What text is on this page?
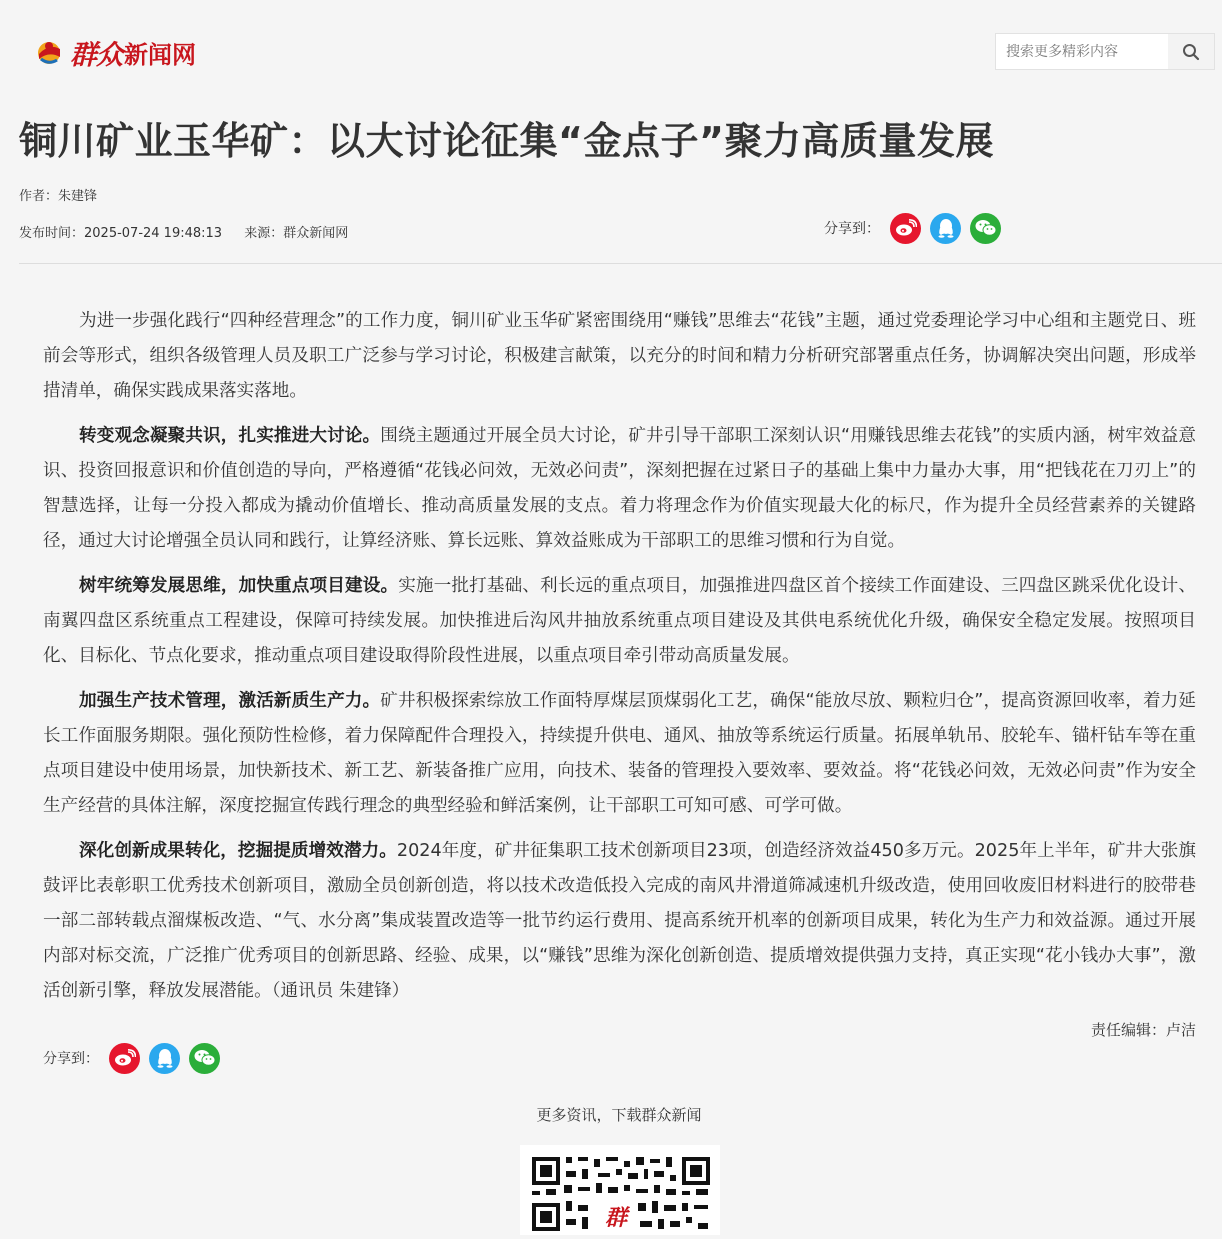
群众 新闻网
搜索更多精彩内容
铜川矿业玉华矿：以大讨论征集“金点子”聚力高质量发展
作者：朱建锋
发布时间：2025-07-24 19:48:13 来源：群众新闻网	分享到：

为进一步强化践行“四种经营理念”的工作力度，铜川矿业玉华矿紧密围绕用“赚钱”思维去“花钱”主题，通过党委理论学习中心组和主题党日、班前会等形式，组织各级管理人员及职工广泛参与学习讨论，积极建言献策，以充分的时间和精力分析研究部署重点任务，协调解决突出问题，形成举措清单，确保实践成果落实落地。

转变观念凝聚共识，扎实推进大讨论。围绕主题通过开展全员大讨论，矿井引导干部职工深刻认识“用赚钱思维去花钱”的实质内涵，树牢效益意识、投资回报意识和价值创造的导向，严格遵循“花钱必问效，无效必问责”，深刻把握在过紧日子的基础上集中力量办大事，用“把钱花在刀刃上”的智慧选择，让每一分投入都成为撬动价值增长、推动高质量发展的支点。着力将理念作为价值实现最大化的标尺，作为提升全员经营素养的关键路径，通过大讨论增强全员认同和践行，让算经济账、算长远账、算效益账成为干部职工的思维习惯和行为自觉。

树牢统筹发展思维，加快重点项目建设。实施一批打基础、利长远的重点项目，加强推进四盘区首个接续工作面建设、三四盘区跳采优化设计、南翼四盘区系统重点工程建设，保障可持续发展。加快推进后沟风井抽放系统重点项目建设及其供电系统优化升级，确保安全稳定发展。按照项目化、目标化、节点化要求，推动重点项目建设取得阶段性进展，以重点项目牵引带动高质量发展。

加强生产技术管理，激活新质生产力。矿井积极探索综放工作面特厚煤层顶煤弱化工艺，确保“能放尽放、颗粒归仓”，提高资源回收率，着力延长工作面服务期限。强化预防性检修，着力保障配件合理投入，持续提升供电、通风、抽放等系统运行质量。拓展单轨吊、胶轮车、锚杆钻车等在重点项目建设中使用场景，加快新技术、新工艺、新装备推广应用，向技术、装备的管理投入要效率、要效益。将“花钱必问效，无效必问责”作为安全生产经营的具体注解，深度挖掘宣传践行理念的典型经验和鲜活案例，让干部职工可知可感、可学可做。

深化创新成果转化，挖掘提质增效潜力。2024年度，矿井征集职工技术创新项目23项，创造经济效益450多万元。2025年上半年，矿井大张旗鼓评比表彰职工优秀技术创新项目，激励全员创新创造，将以技术改造低投入完成的南风井滑道筛减速机升级改造，使用回收废旧材料进行的胶带巷一部二部转载点溜煤板改造、“气、水分离”集成装置改造等一批节约运行费用、提高系统开机率的创新项目成果，转化为生产力和效益源。通过开展内部对标交流，广泛推广优秀项目的创新思路、经验、成果，以“赚钱”思维为深化创新创造、提质增效提供强力支持，真正实现“花小钱办大事”，激活创新引擎，释放发展潜能。（通讯员 朱建锋）

责任编辑：卢洁
分享到：
更多资讯，下载群众新闻
群
